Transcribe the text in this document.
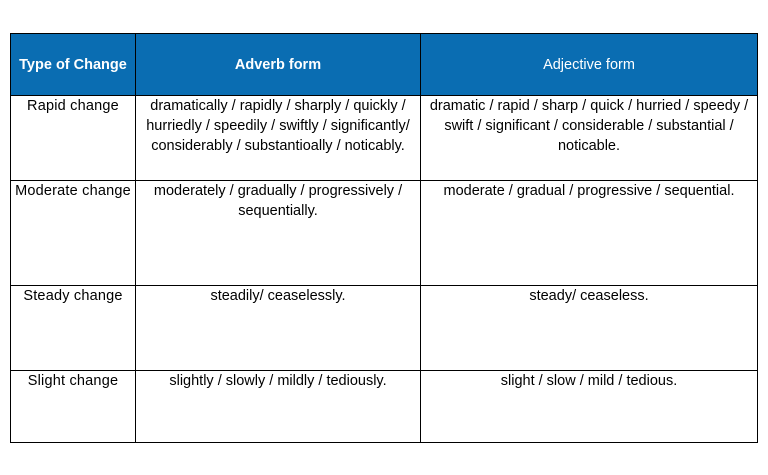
Type of Change	Adverb form	Adjective form
Rapid change	dramatically / rapidly / sharply / quickly / hurriedly / speedily / swiftly / significantly/ considerably / substantioally / noticably.	dramatic / rapid / sharp / quick / hurried / speedy / swift / significant / considerable / substantial / noticable.
Moderate change	moderately / gradually / progressively / sequentially.	moderate / gradual / progressive / sequential.
Steady change	steadily/ ceaselessly.	steady/ ceaseless.
Slight change	slightly / slowly / mildly / tediously.	slight / slow / mild / tedious.
